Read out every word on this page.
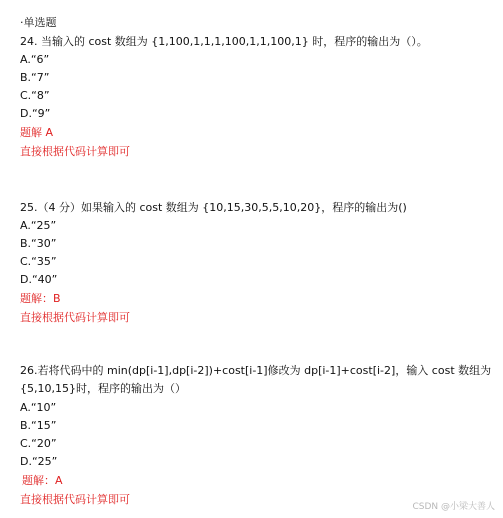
·单选题
24. 当输入的 cost 数组为 {1,100,1,1,1,100,1,1,100,1} 时，程序的输出为（）。
A.“6”
B.“7”
C.“8”
D.“9”
题解 A
直接根据代码计算即可
25.（4 分）如果输入的 cost 数组为 {10,15,30,5,5,10,20}，程序的输出为()
A.“25”
B.“30”
C.“35”
D.“40”
题解：B
直接根据代码计算即可
26.若将代码中的 min(dp[i-1],dp[i-2])+cost[i-1]修改为 dp[i-1]+cost[i-2]，输入 cost 数组为
{5,10,15}时，程序的输出为（）
A.“10”
B.“15”
C.“20”
D.“25”
题解：A
直接根据代码计算即可
CSDN @小梁大善人
